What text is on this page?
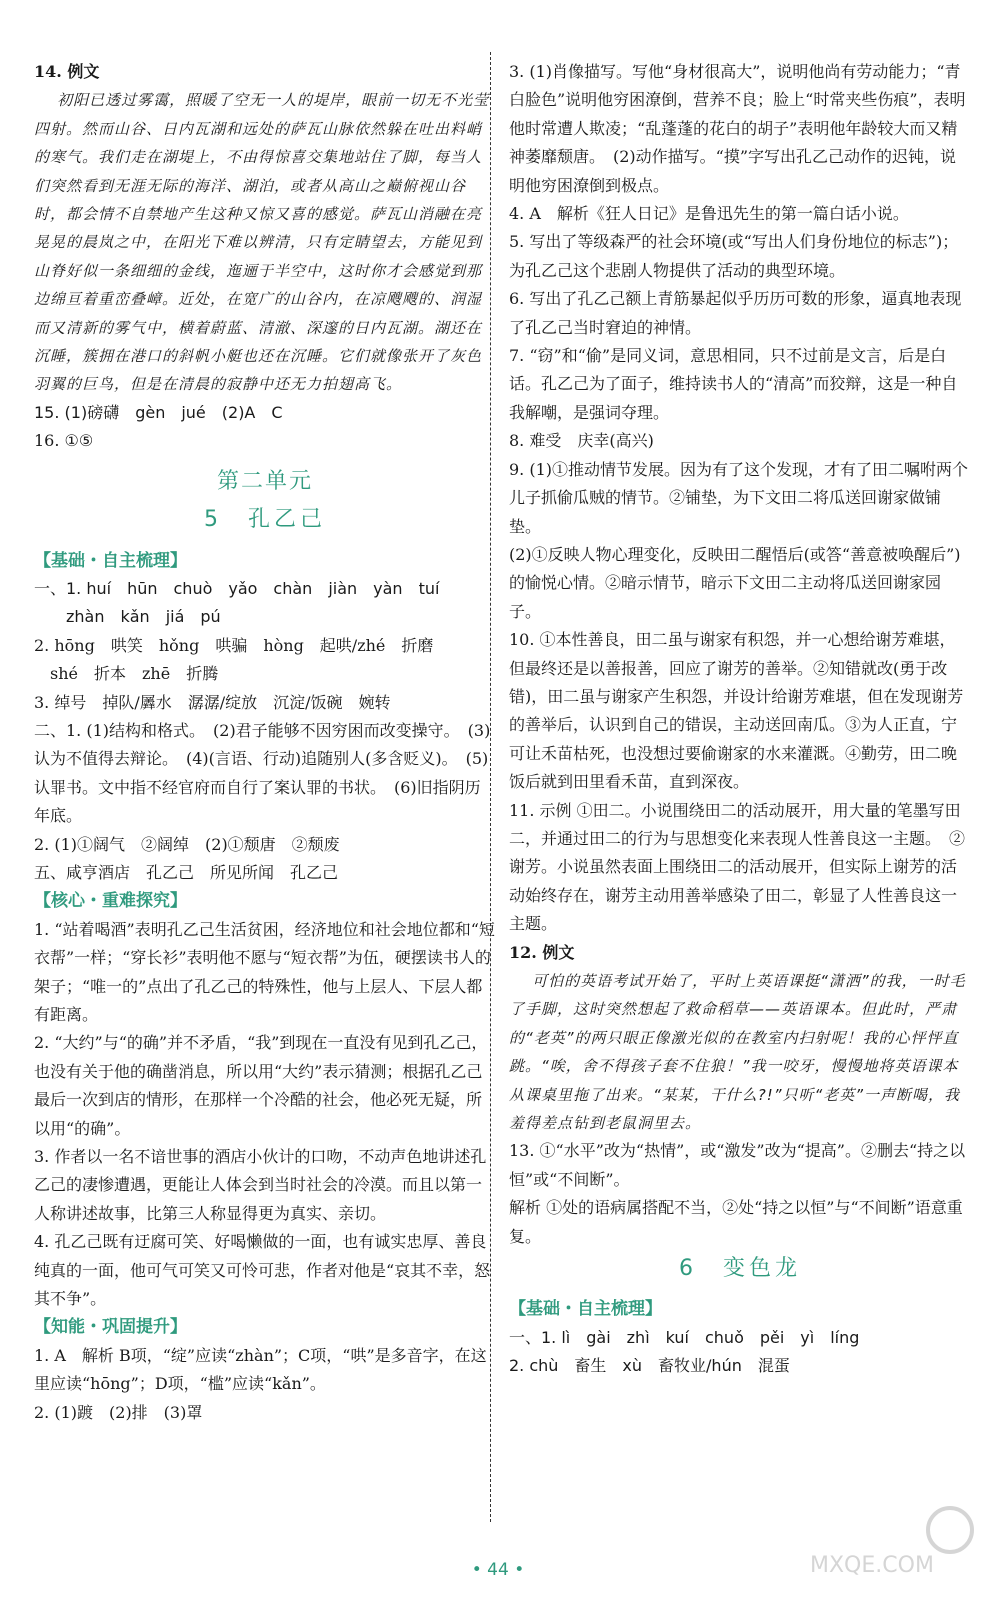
14. 例文

初阳已透过雾霭，照暖了空无一人的堤岸，眼前一切无不光莹四射。然而山谷、日内瓦湖和远处的萨瓦山脉依然躲在吐出料峭的寒气。我们走在湖堤上，不由得惊喜交集地站住了脚，每当人们突然看到无涯无际的海洋、湖泊，或者从高山之巅俯视山谷时，都会情不自禁地产生这种又惊又喜的感觉。萨瓦山消融在亮晃晃的晨岚之中，在阳光下难以辨清，只有定睛望去，方能见到山脊好似一条细细的金线，迤逦于半空中，这时你才会感觉到那边绵亘着重峦叠嶂。近处，在宽广的山谷内，在凉飕飕的、润湿而又清新的雾气中，横着蔚蓝、清澈、深邃的日内瓦湖。湖还在沉睡，簇拥在港口的斜帆小艇也还在沉睡。它们就像张开了灰色羽翼的巨鸟，但是在清晨的寂静中还无力拍翅高飞。

15. (1)磅礴　gèn　jué　(2)A　C

16. ①⑤

第二单元
5　孔乙己

【基础・自主梳理】

一、1. huí　hūn　chuò　yǎo　chàn　jiàn　yàn　tuí

　　zhàn　kǎn　jiá　pú

2. hōng　哄笑　hǒng　哄骗　hòng　起哄/zhé　折磨

　shé　折本　zhē　折腾

3. 绰号　掉队/羼水　潺潺/绽放　沉淀/饭碗　婉转

二、1. (1)结构和格式。　(2)君子能够不因穷困而改变操守。　(3)认为不值得去辩论。　(4)(言语、行动)追随别人(多含贬义)。　(5)认罪书。文中指不经官府而自行了案认罪的书状。　(6)旧指阴历年底。

2. (1)①阔气　②阔绰　(2)①颓唐　②颓废

五、咸亨酒店　孔乙己　所见所闻　孔乙己

【核心・重难探究】

1. “站着喝酒”表明孔乙己生活贫困，经济地位和社会地位都和“短衣帮”一样；“穿长衫”表明他不愿与“短衣帮”为伍，硬摆读书人的架子；“唯一的”点出了孔乙己的特殊性，他与上层人、下层人都有距离。

2. “大约”与“的确”并不矛盾，“我”到现在一直没有见到孔乙己，也没有关于他的确凿消息，所以用“大约”表示猜测；根据孔乙己最后一次到店的情形，在那样一个冷酷的社会，他必死无疑，所以用“的确”。

3. 作者以一名不谙世事的酒店小伙计的口吻，不动声色地讲述孔乙己的凄惨遭遇，更能让人体会到当时社会的冷漠。而且以第一人称讲述故事，比第三人称显得更为真实、亲切。

4. 孔乙己既有迂腐可笑、好喝懒做的一面，也有诚实忠厚、善良纯真的一面，他可气可笑又可怜可悲，作者对他是“哀其不幸，怒其不争”。

【知能・巩固提升】

1. A　解析 B项，“绽”应读“zhàn”；C项，“哄”是多音字，在这里应读“hōng”；D项，“槛”应读“kǎn”。

2. (1)踱　(2)排　(3)罩

3. (1)肖像描写。写他“身材很高大”，说明他尚有劳动能力；“青白脸色”说明他穷困潦倒，营养不良；脸上“时常夹些伤痕”，表明他时常遭人欺凌；“乱蓬蓬的花白的胡子”表明他年龄较大而又精神萎靡颓唐。　(2)动作描写。“摸”字写出孔乙己动作的迟钝，说明他穷困潦倒到极点。

4. A　解析《狂人日记》是鲁迅先生的第一篇白话小说。

5. 写出了等级森严的社会环境(或“写出人们身份地位的标志”)；为孔乙己这个悲剧人物提供了活动的典型环境。

6. 写出了孔乙己额上青筋暴起似乎历历可数的形象，逼真地表现了孔乙己当时窘迫的神情。

7. “窃”和“偷”是同义词，意思相同，只不过前是文言，后是白话。孔乙己为了面子，维持读书人的“清高”而狡辩，这是一种自我解嘲，是强词夺理。

8. 难受　庆幸(高兴)

9. (1)①推动情节发展。因为有了这个发现，才有了田二嘱咐两个儿子抓偷瓜贼的情节。②铺垫，为下文田二将瓜送回谢家做铺垫。

(2)①反映人物心理变化，反映田二醒悟后(或答“善意被唤醒后”)的愉悦心情。②暗示情节，暗示下文田二主动将瓜送回谢家园子。

10. ①本性善良，田二虽与谢家有积怨，并一心想给谢芳难堪，但最终还是以善报善，回应了谢芳的善举。②知错就改(勇于改错)，田二虽与谢家产生积怨，并设计给谢芳难堪，但在发现谢芳的善举后，认识到自己的错误，主动送回南瓜。③为人正直，宁可让禾苗枯死，也没想过要偷谢家的水来灌溉。④勤劳，田二晚饭后就到田里看禾苗，直到深夜。

11. 示例 ①田二。小说围绕田二的活动展开，用大量的笔墨写田二，并通过田二的行为与思想变化来表现人性善良这一主题。　②谢芳。小说虽然表面上围绕田二的活动展开，但实际上谢芳的活动始终存在，谢芳主动用善举感染了田二，彰显了人性善良这一主题。

12. 例文

可怕的英语考试开始了，平时上英语课挺“潇洒”的我，一时毛了手脚，这时突然想起了救命稻草——英语课本。但此时，严肃的“老英”的两只眼正像激光似的在教室内扫射呢！我的心怦怦直跳。“唉，舍不得孩子套不住狼！”我一咬牙，慢慢地将英语课本从课桌里拖了出来。“某某，干什么?!”只听“老英”一声断喝，我羞得差点钻到老鼠洞里去。

13. ①“水平”改为“热情”，或“激发”改为“提高”。②删去“持之以恒”或“不间断”。

解析 ①处的语病属搭配不当，②处“持之以恒”与“不间断”语意重复。

6　变色龙

【基础・自主梳理】

一、1. lì　gài　zhì　kuí　chuǒ　pěi　yì　líng

2. chù　畜生　xù　畜牧业/hún　混蛋

• 44 •	MXQE.COM
